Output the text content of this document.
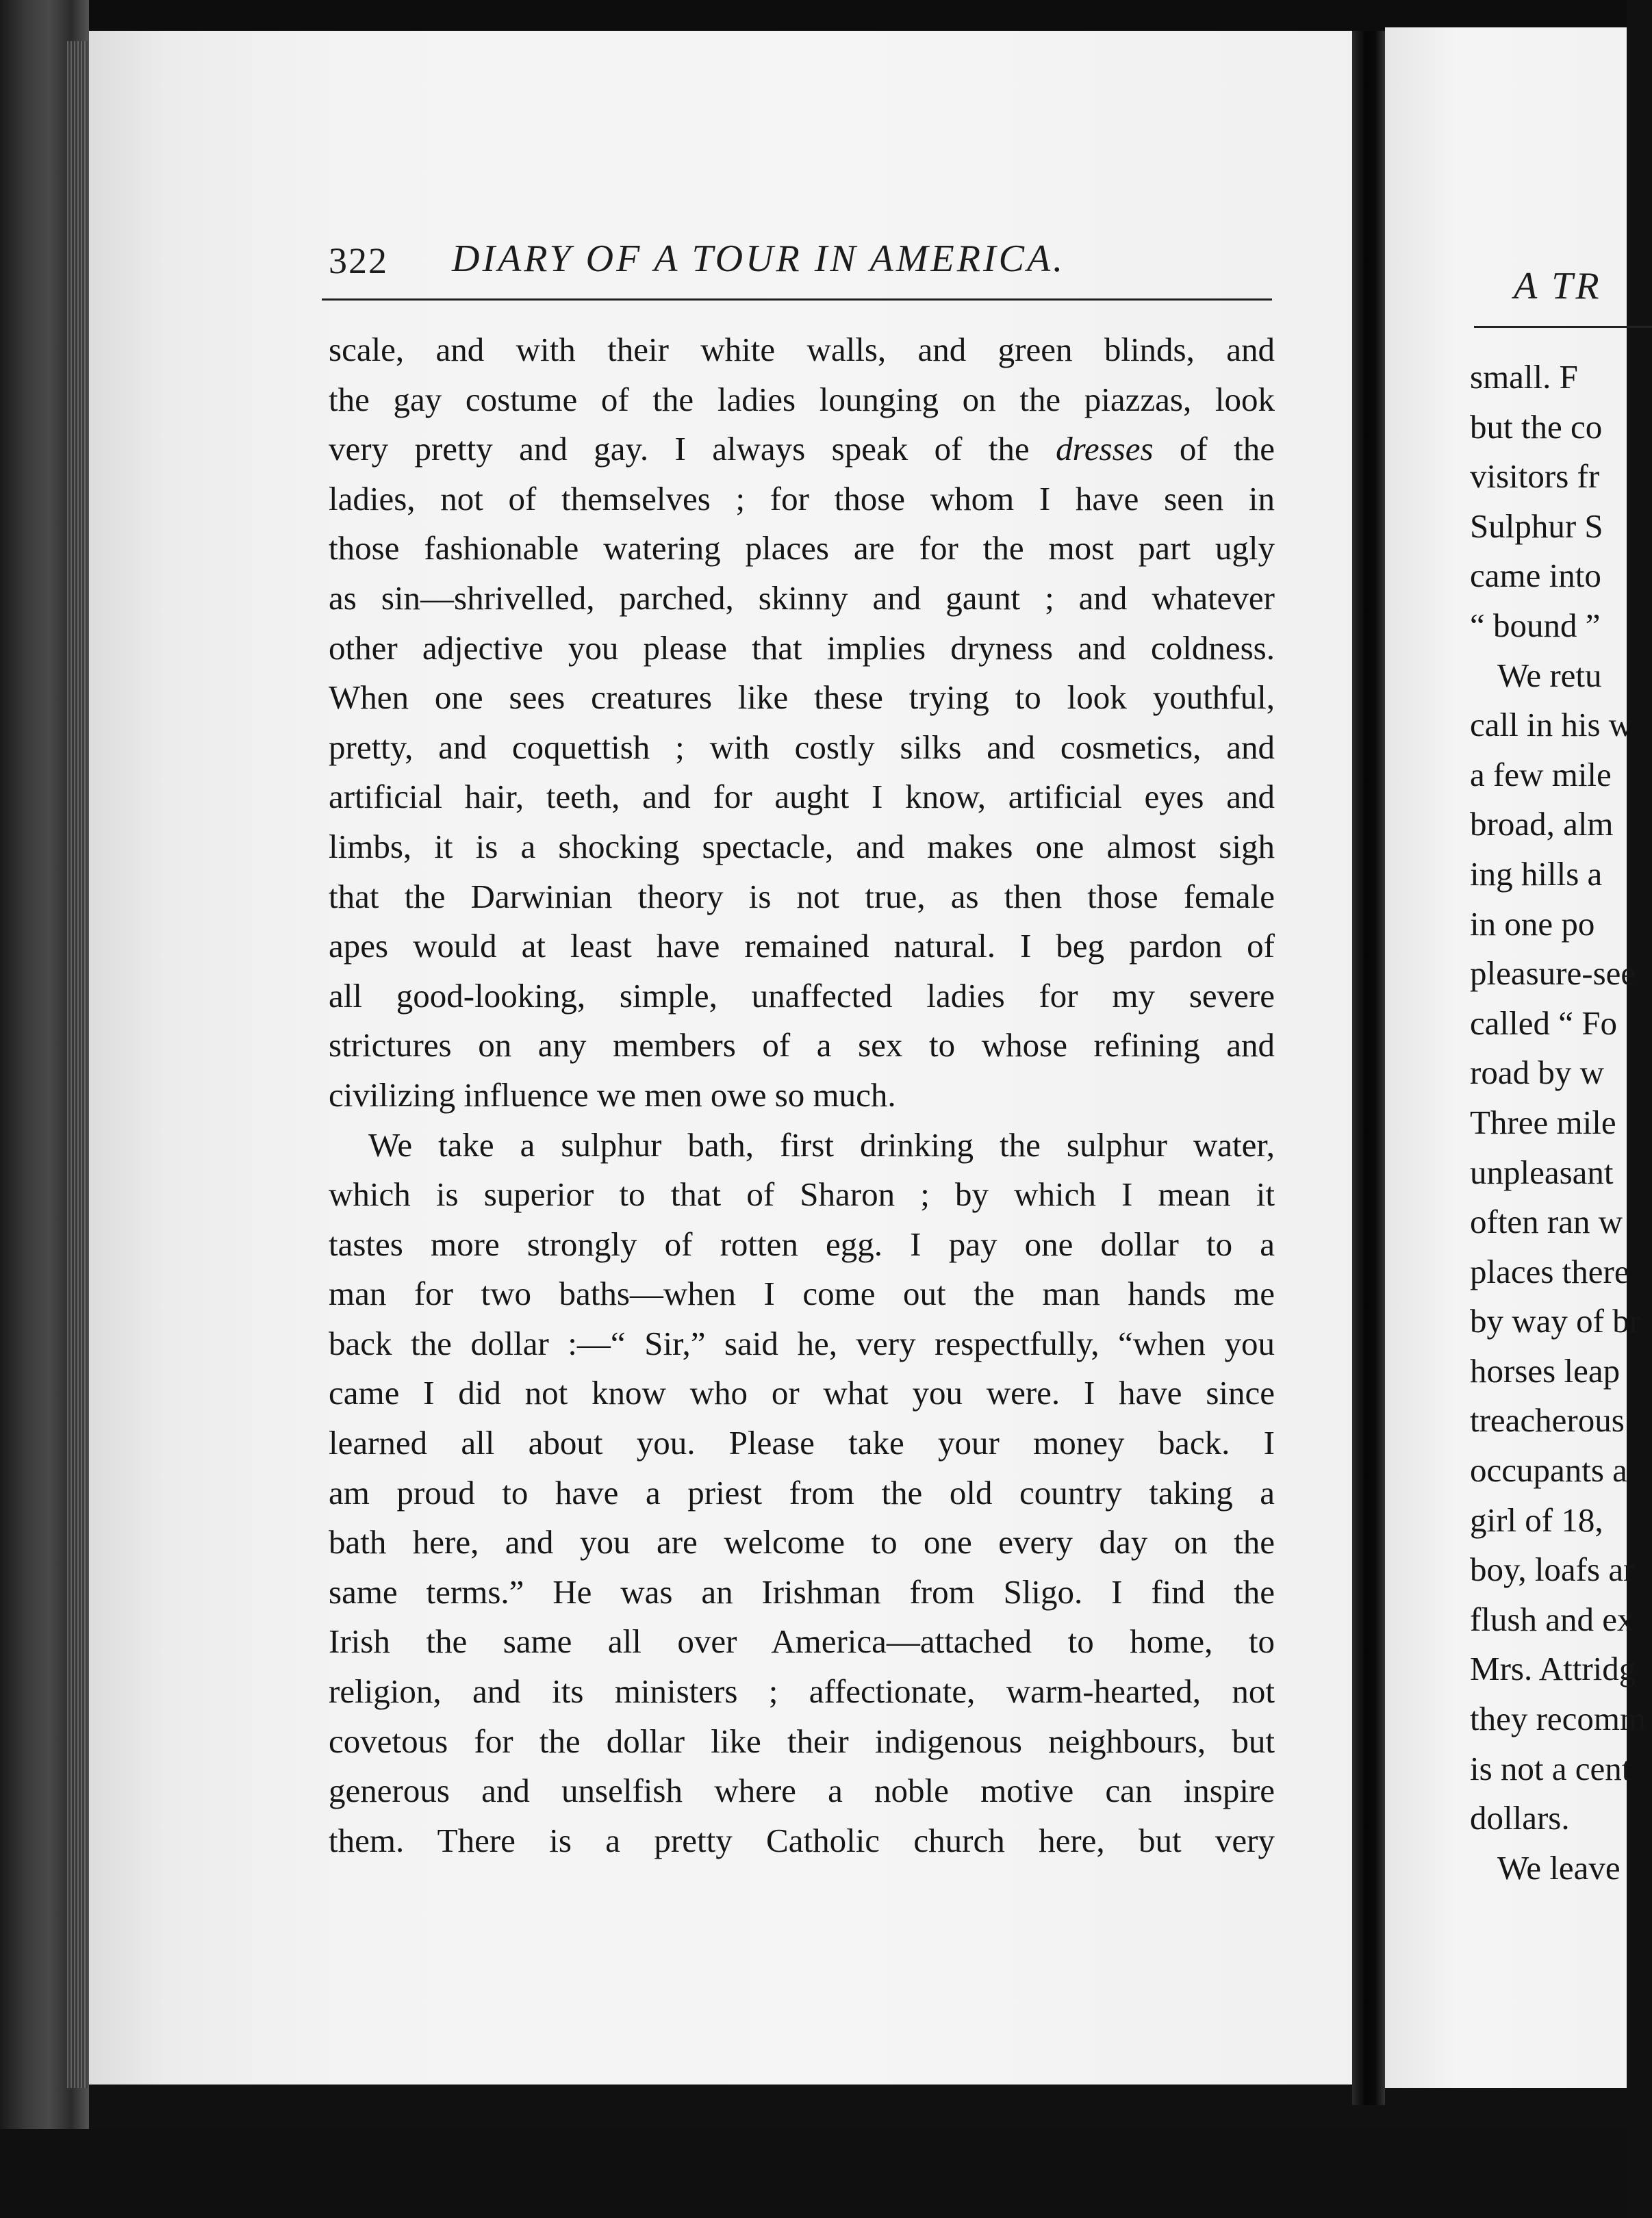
322 DIARY OF A TOUR IN AMERICA.
scale, and with their white walls, and green blinds, and
the gay costume of the ladies lounging on the piazzas, look
very pretty and gay. I always speak of the dresses of the
ladies, not of themselves ; for those whom I have seen in
those fashionable watering places are for the most part ugly
as sin—shrivelled, parched, skinny and gaunt ; and whatever
other adjective you please that implies dryness and coldness.
When one sees creatures like these trying to look youthful,
pretty, and coquettish ; with costly silks and cosmetics, and
artificial hair, teeth, and for aught I know, artificial eyes and
limbs, it is a shocking spectacle, and makes one almost sigh
that the Darwinian theory is not true, as then those female
apes would at least have remained natural. I beg pardon of
all good-looking, simple, unaffected ladies for my severe
strictures on any members of a sex to whose refining and
civilizing influence we men owe so much.
We take a sulphur bath, first drinking the sulphur water,
which is superior to that of Sharon ; by which I mean it
tastes more strongly of rotten egg. I pay one dollar to a
man for two baths—when I come out the man hands me
back the dollar :—“ Sir,” said he, very respectfully, “when you
came I did not know who or what you were. I have since
learned all about you. Please take your money back. I
am proud to have a priest from the old country taking a
bath here, and you are welcome to one every day on the
same terms.” He was an Irishman from Sligo. I find the
Irish the same all over America—attached to home, to
religion, and its ministers ; affectionate, warm-hearted, not
covetous for the dollar like their indigenous neighbours, but
generous and unselfish where a noble motive can inspire
them. There is a pretty Catholic church here, but very
A TR
small. F
but the co
visitors fr
Sulphur S
came into
“ bound ”
We retu
call in his w
a few mile
broad, alm
ing hills a
in one po
pleasure-see
called “ Fo
road by w
Three mile
unpleasant
often ran w
places there
by way of br
horses leap
treacherous
occupants a
girl of 18,
boy, loafs ar
flush and ex
Mrs. Attridg
they recomm
is not a cent
dollars.
We leave
